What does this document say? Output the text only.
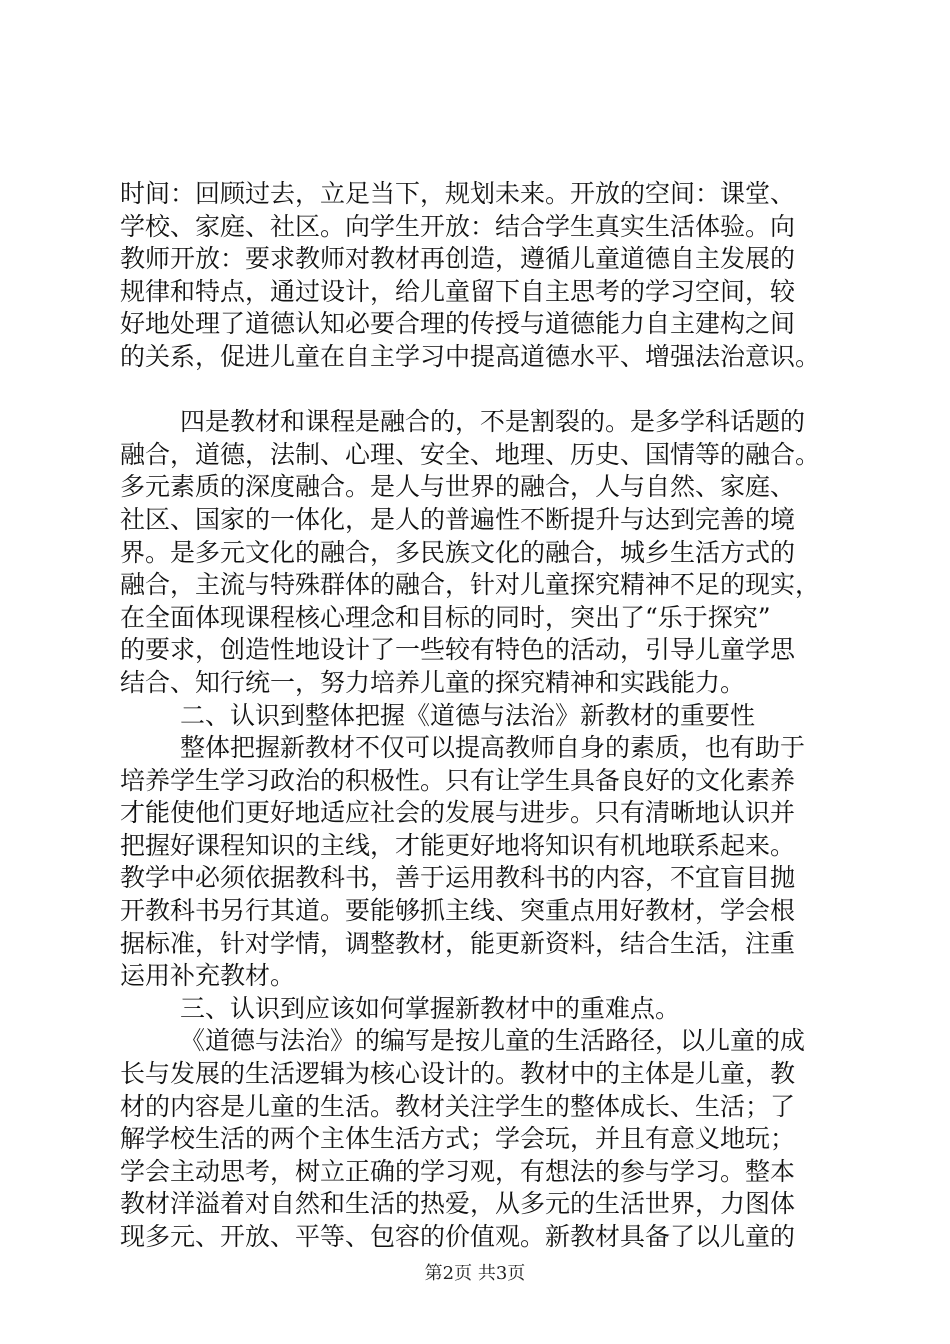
时间：回顾过去，立足当下，规划未来。开放的空间：课堂、
学校、家庭、社区。向学生开放：结合学生真实生活体验。向
教师开放：要求教师对教材再创造，遵循儿童道德自主发展的
规律和特点，通过设计，给儿童留下自主思考的学习空间，较
好地处理了道德认知必要合理的传授与道德能力自主建构之间
的关系，促进儿童在自主学习中提高道德水平、增强法治意识。
四是教材和课程是融合的，不是割裂的。是多学科话题的
融合，道德，法制、心理、安全、地理、历史、国情等的融合。
多元素质的深度融合。是人与世界的融合，人与自然、家庭、
社区、国家的一体化，是人的普遍性不断提升与达到完善的境
界。是多元文化的融合，多民族文化的融合，城乡生活方式的
融合，主流与特殊群体的融合，针对儿童探究精神不足的现实，
在全面体现课程核心理念和目标的同时，突出了“乐于探究”
的要求，创造性地设计了一些较有特色的活动，引导儿童学思
结合、知行统一，努力培养儿童的探究精神和实践能力。
二、认识到整体把握《道德与法治》新教材的重要性
整体把握新教材不仅可以提高教师自身的素质，也有助于
培养学生学习政治的积极性。只有让学生具备良好的文化素养
才能使他们更好地适应社会的发展与进步。只有清晰地认识并
把握好课程知识的主线，才能更好地将知识有机地联系起来。
教学中必须依据教科书，善于运用教科书的内容，不宜盲目抛
开教科书另行其道。要能够抓主线、突重点用好教材，学会根
据标准，针对学情，调整教材，能更新资料，结合生活，注重
运用补充教材。
三、认识到应该如何掌握新教材中的重难点。
《道德与法治》的编写是按儿童的生活路径，以儿童的成
长与发展的生活逻辑为核心设计的。教材中的主体是儿童，教
材的内容是儿童的生活。教材关注学生的整体成长、生活；了
解学校生活的两个主体生活方式；学会玩，并且有意义地玩；
学会主动思考，树立正确的学习观，有想法的参与学习。整本
教材洋溢着对自然和生活的热爱，从多元的生活世界，力图体
现多元、开放、平等、包容的价值观。新教材具备了以儿童的
第2页 共3页
